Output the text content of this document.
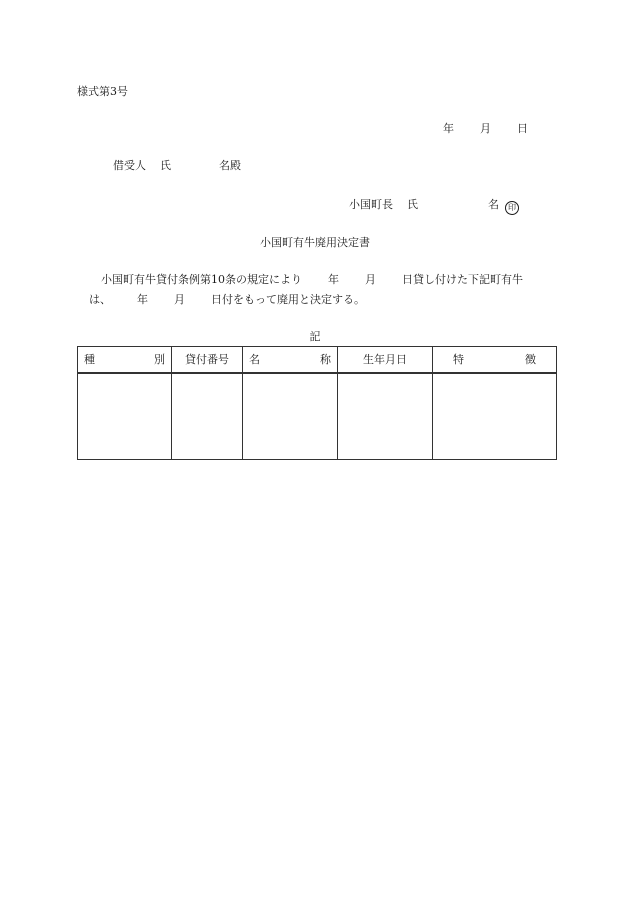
様式第3号
年 月 日
借受人 氏	名殿
小国町長 氏	名 印
小国町有牛廃用決定書
小国町有牛貸付条例第10条の規定により 年 月 日貸し付けた下記町有牛
は、 年 月 日付をもって廃用と決定する。
記
種 別	貸付番号	名 称	生年月日	特 徴
